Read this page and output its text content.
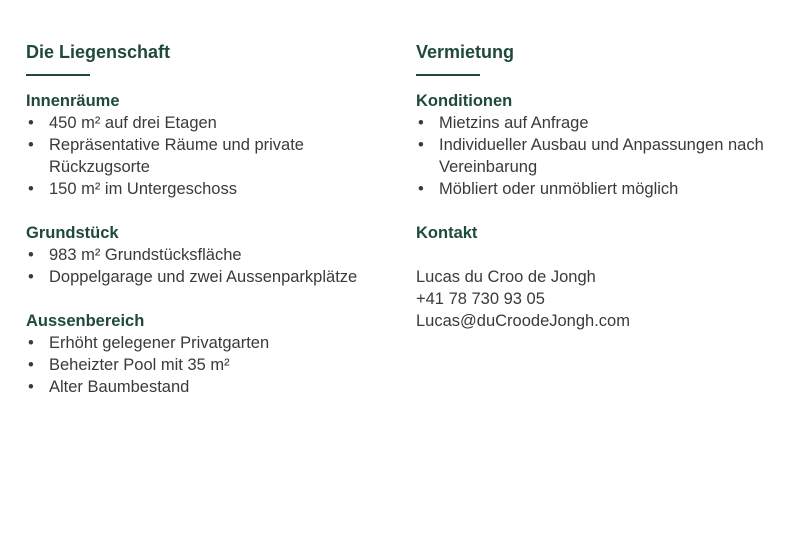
Die Liegenschaft
Innenräume
• 450 m² auf drei Etagen
• Repräsentative Räume und private Rückzugsorte
• 150 m² im Untergeschoss
Grundstück
• 983 m² Grundstücksfläche
• Doppelgarage und zwei Aussenparkplätze
Aussenbereich
• Erhöht gelegener Privatgarten
• Beheizter Pool mit 35 m²
• Alter Baumbestand
Vermietung
Konditionen
• Mietzins auf Anfrage
• Individueller Ausbau und Anpassungen nach Vereinbarung
• Möbliert oder unmöbliert möglich
Kontakt
Lucas du Croo de Jongh
+41 78 730 93 05
Lucas@duCroodeJongh.com
